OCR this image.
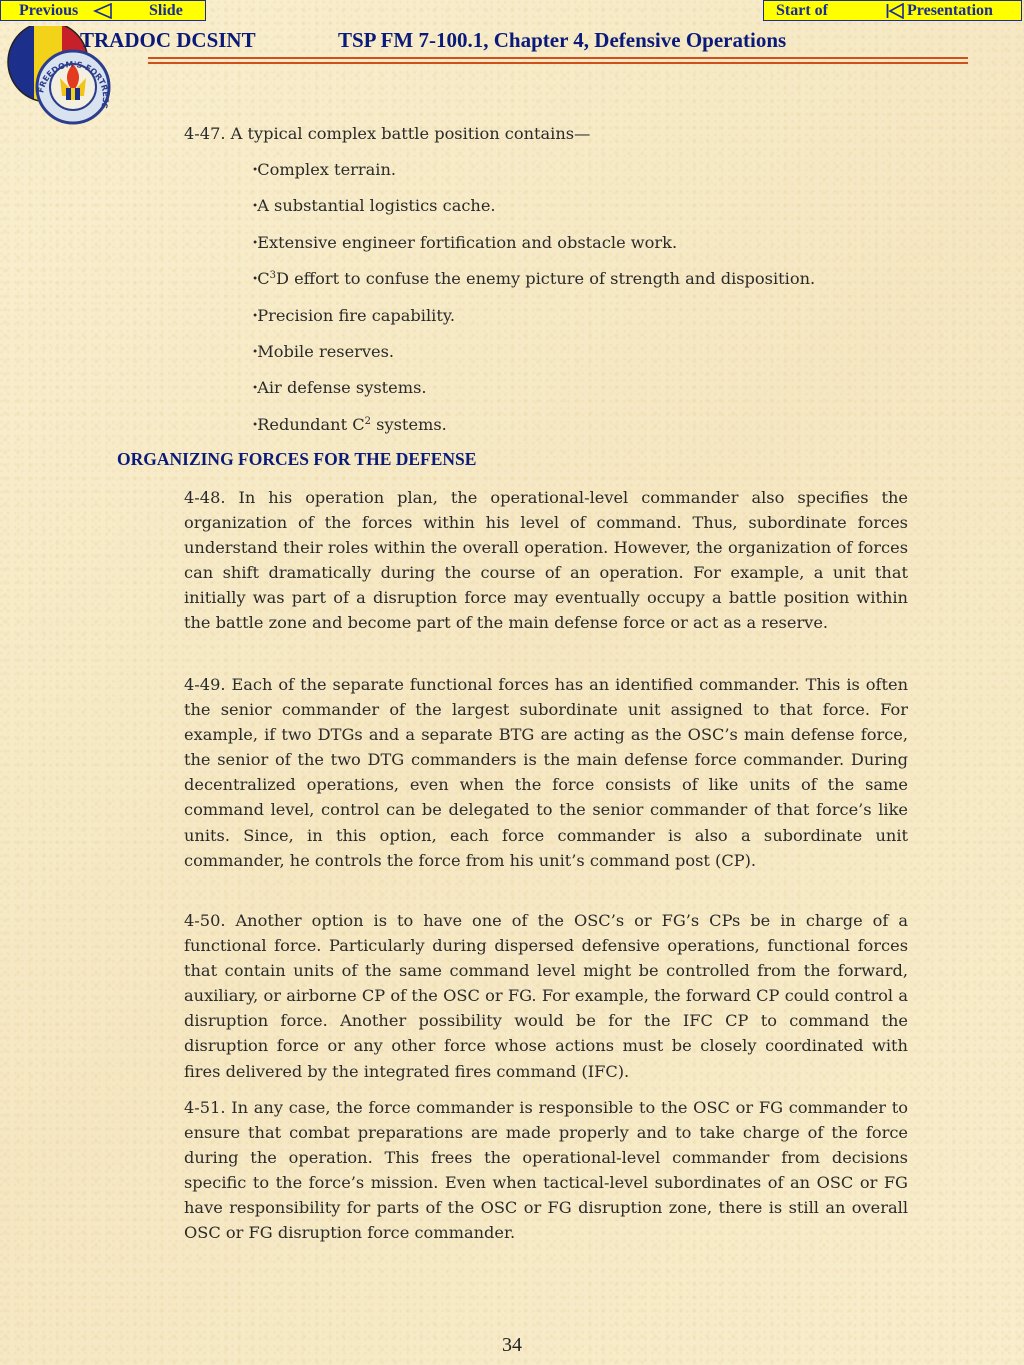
Previous	Slide	Start of	Presentation
FREEDOM'S FORTRESS
TRADOC DCSINT	TSP FM 7-100.1, Chapter 4, Defensive Operations
4-47. A typical complex battle position contains—
・ Complex terrain.
・ A substantial logistics cache.
・ Extensive engineer fortification and obstacle work.
・ $C^3D$ effort to confuse the enemy picture of strength and disposition.
・ Precision fire capability.
・ Mobile reserves.
・ Air defense systems.
・ Redundant $C^2$ systems.
ORGANIZING FORCES FOR THE DEFENSE

4-48. In his operation plan, the operational-level commander also specifies the organization of the forces within his level of command. Thus, subordinate forces understand their roles within the overall operation. However, the organization of forces can shift dramatically during the course of an operation. For example, a unit that initially was part of a disruption force may eventually occupy a battle position within the battle zone and become part of the main defense force or act as a reserve.

4-49. Each of the separate functional forces has an identified commander. This is often the senior commander of the largest subordinate unit assigned to that force. For example, if two DTGs and a separate BTG are acting as the OSC’s main defense force, the senior of the two DTG commanders is the main defense force commander. During decentralized operations, even when the force consists of like units of the same command level, control can be delegated to the senior commander of that force’s like units. Since, in this option, each force commander is also a subordinate unit commander, he controls the force from his unit’s command post (CP).

4-50. Another option is to have one of the OSC’s or FG’s CPs be in charge of a functional force. Particularly during dispersed defensive operations, functional forces that contain units of the same command level might be controlled from the forward, auxiliary, or airborne CP of the OSC or FG. For example, the forward CP could control a disruption force. Another possibility would be for the IFC CP to command the disruption force or any other force whose actions must be closely coordinated with fires delivered by the integrated fires command (IFC).

4-51. In any case, the force commander is responsible to the OSC or FG commander to ensure that combat preparations are made properly and to take charge of the force during the operation. This frees the operational-level commander from decisions specific to the force’s mission. Even when tactical-level subordinates of an OSC or FG have responsibility for parts of the OSC or FG disruption zone, there is still an overall OSC or FG disruption force commander.

34
